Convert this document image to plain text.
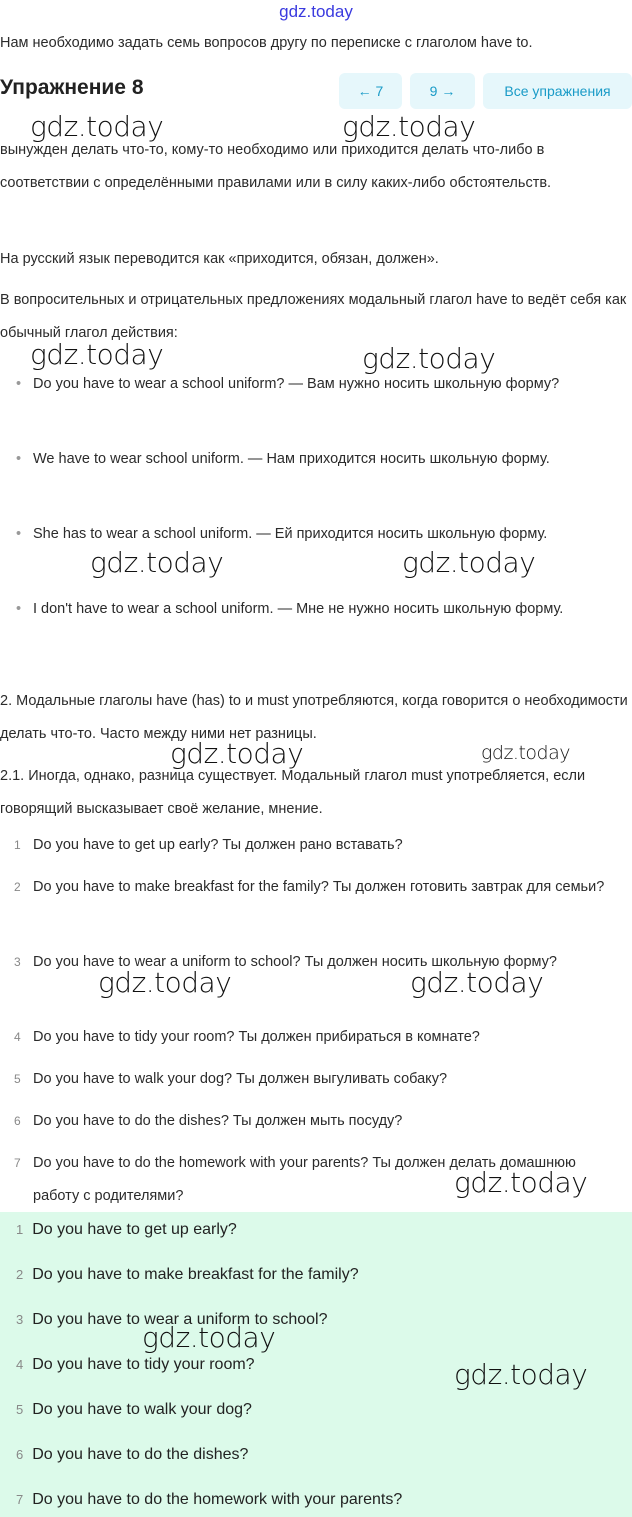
gdz.today
Нам необходимо задать семь вопросов другу по переписке с глаголом have to.
Упражнение 8	← 7	9 →	Все упражнения
вынужден делать что-то, кому-то необходимо или приходится делать что-либо в соответствии с определёнными правилами или в силу каких-либо обстоятельств.
На русский язык переводится как «приходится, обязан, должен».
В вопросительных и отрицательных предложениях модальный глагол have to ведёт себя как обычный глагол действия:
• Do you have to wear a school uniform? — Вам нужно носить школьную форму?
• We have to wear school uniform. — Нам приходится носить школьную форму.
• She has to wear a school uniform. — Ей приходится носить школьную форму.
• I don't have to wear a school uniform. — Мне не нужно носить школьную форму.
2. Модальные глаголы have (has) to и must употребляются, когда говорится о необходимости делать что-то. Часто между ними нет разницы.
2.1. Иногда, однако, разница существует. Модальный глагол must употребляется, если говорящий высказывает своё желание, мнение.
1 Do you have to get up early? Ты должен рано вставать?
2 Do you have to make breakfast for the family? Ты должен готовить завтрак для семьи?
3 Do you have to wear a uniform to school? Ты должен носить школьную форму?
4 Do you have to tidy your room? Ты должен прибираться в комнате?
5 Do you have to walk your dog? Ты должен выгуливать собаку?
6 Do you have to do the dishes? Ты должен мыть посуду?
7 Do you have to do the homework with your parents? Ты должен делать домашнюю работу с родителями?
1 Do you have to get up early?
2 Do you have to make breakfast for the family?
3 Do you have to wear a uniform to school?
4 Do you have to tidy your room?
5 Do you have to walk your dog?
6 Do you have to do the dishes?
7 Do you have to do the homework with your parents?
gdz.today	gdz.today
gdz.today	gdz.today
gdz.today	gdz.today
gdz.today	gdz.today
gdz.today	gdz.today
gdz.today
gdz.today
gdz.today
